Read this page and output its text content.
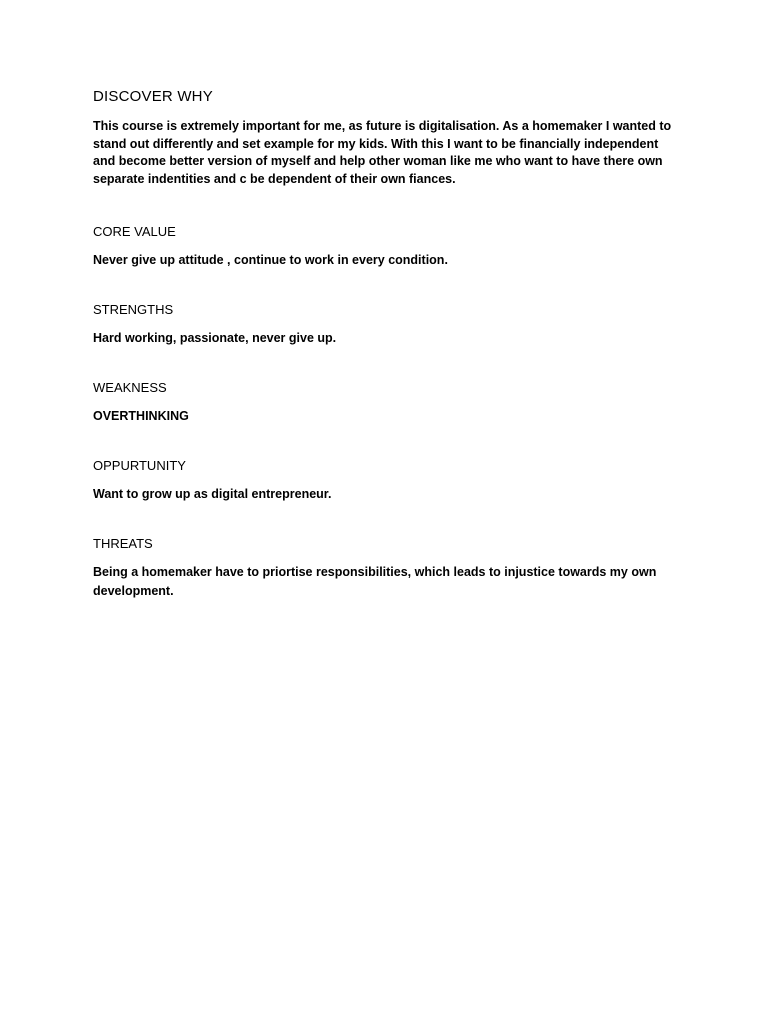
DISCOVER WHY

This course is extremely important for me, as future is digitalisation. As a homemaker I wanted to stand out differently and set example for my kids. With this I want to be financially independent and become better version of myself and help other woman like me who want to have there own separate indentities and c be dependent of their own fiances.

CORE VALUE

Never give up attitude , continue to work in every condition.

STRENGTHS

Hard working, passionate, never give up.

WEAKNESS

OVERTHINKING

OPPURTUNITY

Want to grow up as digital entrepreneur.

THREATS

Being a homemaker have to priortise responsibilities, which leads to injustice towards my own development.
